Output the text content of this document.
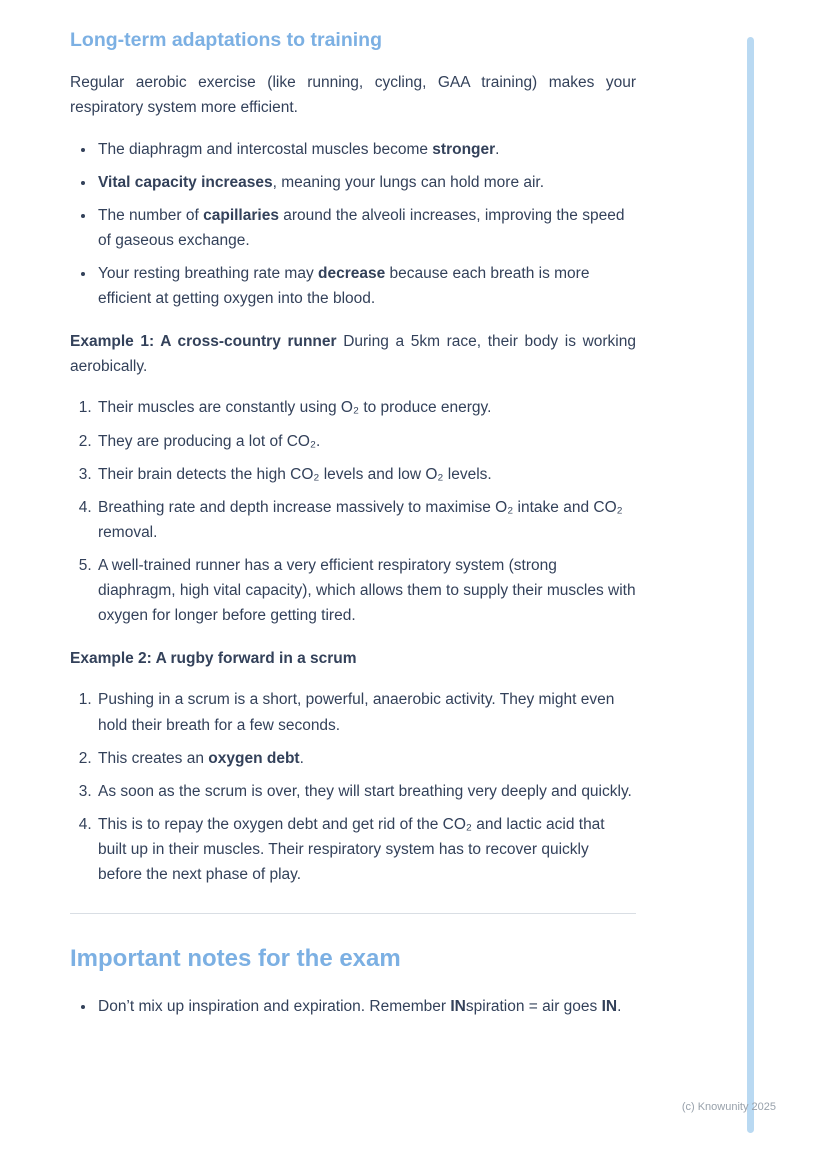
Long-term adaptations to training

Regular aerobic exercise (like running, cycling, GAA training) makes your respiratory system more efficient.

• The diaphragm and intercostal muscles become stronger.
• Vital capacity increases, meaning your lungs can hold more air.
• The number of capillaries around the alveoli increases, improving the speed of gaseous exchange.
• Your resting breathing rate may decrease because each breath is more efficient at getting oxygen into the blood.

Example 1: A cross-country runner During a 5km race, their body is working aerobically.

1. Their muscles are constantly using O₂ to produce energy.
2. They are producing a lot of CO₂.
3. Their brain detects the high CO₂ levels and low O₂ levels.
4. Breathing rate and depth increase massively to maximise O₂ intake and CO₂ removal.
5. A well-trained runner has a very efficient respiratory system (strong diaphragm, high vital capacity), which allows them to supply their muscles with oxygen for longer before getting tired.

Example 2: A rugby forward in a scrum

1. Pushing in a scrum is a short, powerful, anaerobic activity. They might even hold their breath for a few seconds.
2. This creates an oxygen debt.
3. As soon as the scrum is over, they will start breathing very deeply and quickly.
4. This is to repay the oxygen debt and get rid of the CO₂ and lactic acid that built up in their muscles. Their respiratory system has to recover quickly before the next phase of play.
Important notes for the exam
• Don’t mix up inspiration and expiration. Remember INspiration = air goes IN.
(c) Knowunity 2025
